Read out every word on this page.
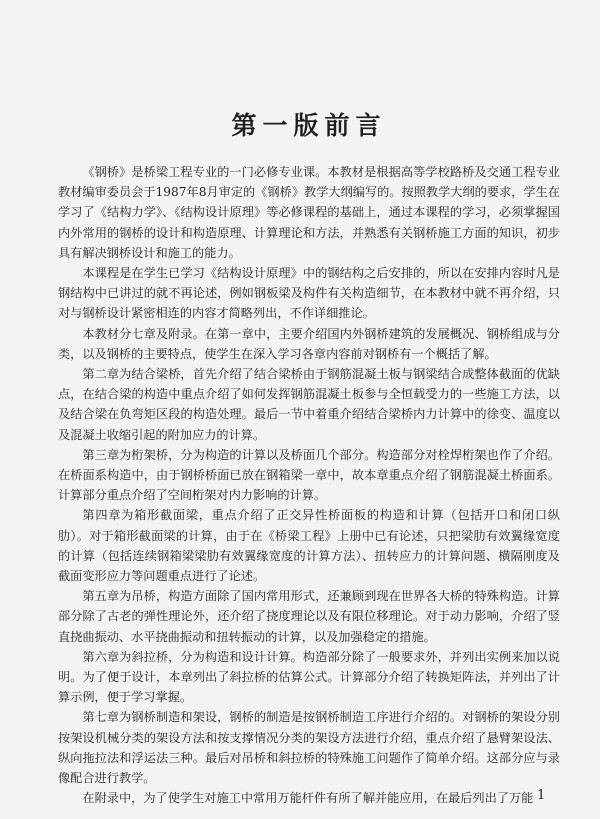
第一版前言

《钢桥》是桥梁工程专业的一门必修专业课。本教材是根据高等学校路桥及交通工程专业教材编审委员会于1987年8月审定的《钢桥》教学大纲编写的。按照教学大纲的要求，学生在学习了《结构力学》、《结构设计原理》等必修课程的基础上，通过本课程的学习，必须掌握国内外常用的钢桥的设计和构造原理、计算理论和方法，并熟悉有关钢桥施工方面的知识，初步具有解决钢桥设计和施工的能力。

本课程是在学生已学习《结构设计原理》中的钢结构之后安排的，所以在安排内容时凡是钢结构中已讲过的就不再论述，例如钢板梁及构件有关构造细节，在本教材中就不再介绍，只对与钢桥设计紧密相连的内容才简略列出，不作详细推论。

本教材分七章及附录。在第一章中，主要介绍国内外钢桥建筑的发展概况、钢桥组成与分类，以及钢桥的主要特点，使学生在深入学习各章内容前对钢桥有一个概括了解。

第二章为结合梁桥，首先介绍了结合梁桥由于钢筋混凝土板与钢梁结合成整体截面的优缺点，在结合梁的构造中重点介绍了如何发挥钢筋混凝土板参与全恒载受力的一些施工方法，以及结合梁在负弯矩区段的构造处理。最后一节中着重介绍结合梁桥内力计算中的徐变、温度以及混凝土收缩引起的附加应力的计算。

第三章为桁架桥，分为构造的计算以及桥面几个部分。构造部分对栓焊桁架也作了介绍。在桥面系构造中，由于钢桥桥面已放在钢箱梁一章中，故本章重点介绍了钢筋混凝土桥面系。计算部分重点介绍了空间桁架对内力影响的计算。

第四章为箱形截面梁，重点介绍了正交异性桥面板的构造和计算（包括开口和闭口纵肋）。对于箱形截面梁的计算，由于在《桥梁工程》上册中已有论述，只把梁肋有效翼缘宽度的计算（包括连续钢箱梁梁肋有效翼缘宽度的计算方法）、扭转应力的计算问题、横隔刚度及截面变形应力等问题重点进行了论述。

第五章为吊桥，构造方面除了国内常用形式，还兼顾到现在世界各大桥的特殊构造。计算部分除了古老的弹性理论外，还介绍了挠度理论以及有限位移理论。对于动力影响，介绍了竖直挠曲振动、水平挠曲振动和扭转振动的计算，以及加强稳定的措施。

第六章为斜拉桥，分为构造和设计计算。构造部分除了一般要求外，并列出实例来加以说明。为了便于设计，本章列出了斜拉桥的估算公式。计算部分介绍了转换矩阵法，并列出了计算示例，便于学习掌握。

第七章为钢桥制造和架设，钢桥的制造是按钢桥制造工序进行介绍的。对钢桥的架设分别按架设机械分类的架设方法和按支撑情况分类的架设方法进行介绍，重点介绍了悬臂架设法、纵向拖拉法和浮运法三种。最后对吊桥和斜拉桥的特殊施工问题作了简单介绍。这部分应与录像配合进行教学。

在附录中，为了使学生对施工中常用万能杆件有所了解并能应用，在最后列出了万能 1
